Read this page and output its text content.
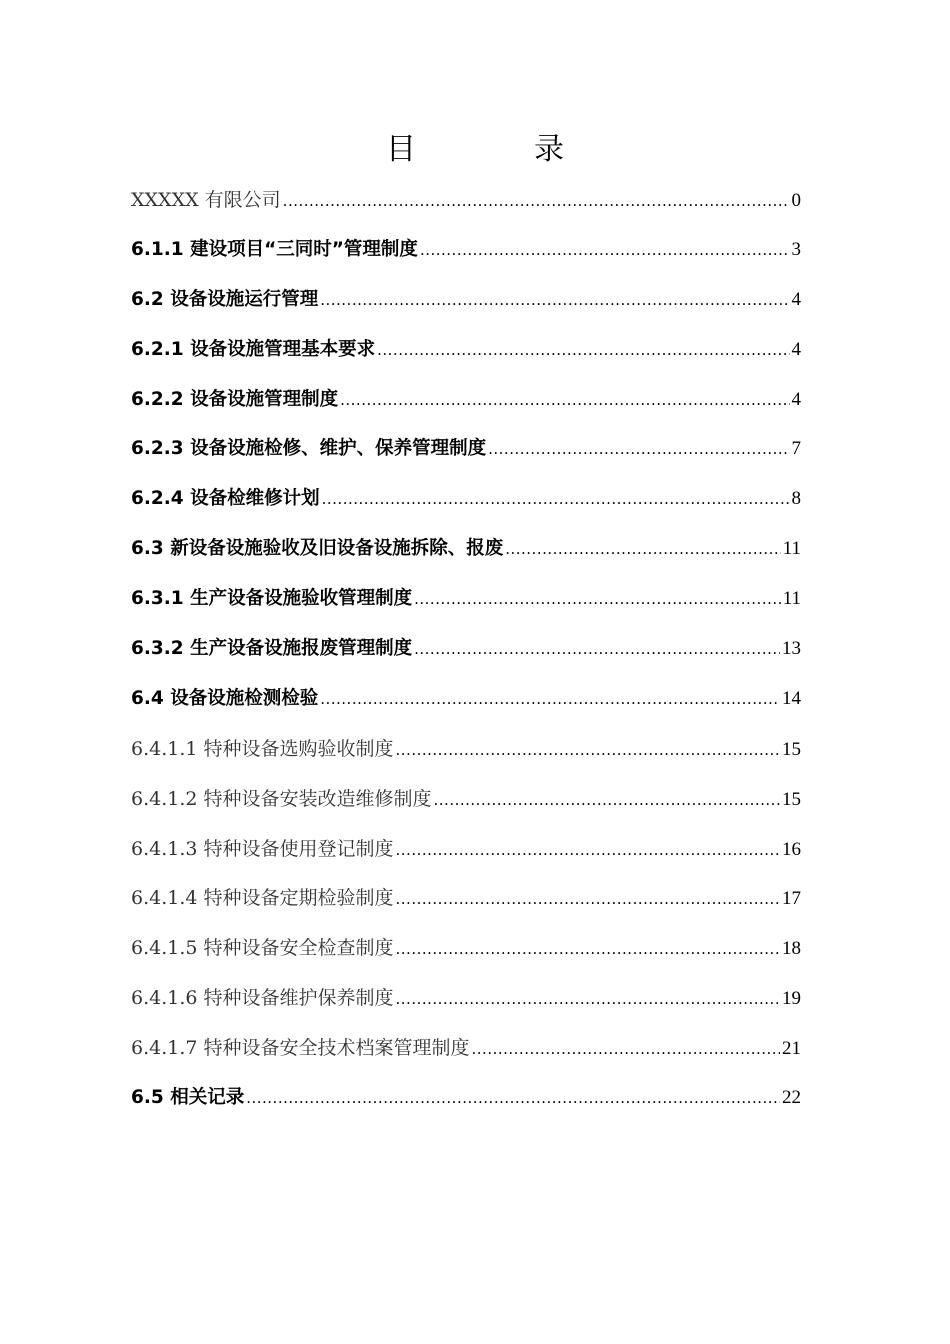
目　录
XXXXX 有限公司 .....	0
6.1.1 建设项目“三同时”管理制度 .....	3
6.2 设备设施运行管理 .....	4
6.2.1 设备设施管理基本要求 .....	4
6.2.2 设备设施管理制度 .....	4
6.2.3 设备设施检修、维护、保养管理制度 .....	7
6.2.4 设备检维修计划 .....	8
6.3 新设备设施验收及旧设备设施拆除、报废 .....	11
6.3.1 生产设备设施验收管理制度 .....	11
6.3.2 生产设备设施报废管理制度 .....	13
6.4 设备设施检测检验 .....	14
6.4.1.1 特种设备选购验收制度 .....	15
6.4.1.2 特种设备安装改造维修制度 .....	15
6.4.1.3 特种设备使用登记制度 .....	16
6.4.1.4 特种设备定期检验制度 .....	17
6.4.1.5 特种设备安全检查制度 .....	18
6.4.1.6 特种设备维护保养制度 .....	19
6.4.1.7 特种设备安全技术档案管理制度 .....	21
6.5 相关记录 .....	22
